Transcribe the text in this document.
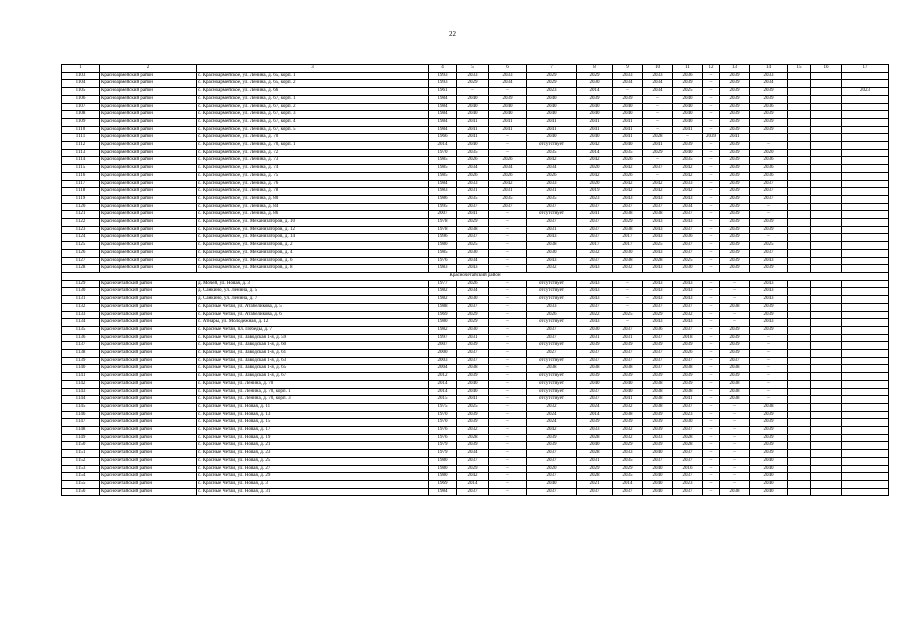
22
1	2	3	4	5	6	7	8	9	10	11	12	13	14	15	16	17
1103	Красноармейский район	с. Красноармейское, ул. Ленина, д. 65, корп. 1	1993	2033	2033	2029	2029	2033	2033	2036	–	2039	2033			
1104	Красноармейский район	с. Красноармейское, ул. Ленина, д. 65, корп. 2	1993	2029	2034	2029	2030	2034	2034	2039	–	2039	2034			
1105	Красноармейский район	с. Красноармейское, ул. Ленина, д. 66	1961	–	–	2023	2014	–	2034	2025	–	2039	2039			2023
1106	Красноармейский район	с. Красноармейское, ул. Ленина, д. 67, корп. 1	1984	2040	2039	2040	2039	2039	–	2040	–	2039	2039			
1107	Красноармейский район	с. Красноармейское, ул. Ленина, д. 67, корп. 2	1984	2040	2040	2040	2040	2040	–	2040	–	2039	2036			
1108	Красноармейский район	с. Красноармейское, ул. Ленина, д. 67, корп. 3	1984	2040	2040	2040	2040	2040	–	2040	–	2039	2039			
1109	Красноармейский район	с. Красноармейское, ул. Ленина, д. 67, корп. 4	1984	2041	2041	2041	2041	2041	–	2040	–	2039	2039			
1110	Красноармейский район	с. Красноармейское, ул. Ленина, д. 67, корп. 5	1984	2041	2041	2041	2041	2041	–	2041	–	2039	2039			
1111	Красноармейский район	с. Красноармейское, ул. Ленина, д. 70	1966	2041	–	2040	2040	2041	2028	–	2039	2041				
1112	Красноармейский район	с. Красноармейское, ул. Ленина, д. 70, корп. 1	2014	2040	–	отсутствует	2042	2040	2041	2039	–	2039	–			
1113	Красноармейский район	с. Красноармейское, ул. Ленина, д. 72	1970	2035	–	2035	2014	2035	2029	2040	–	2039	2020			
1114	Красноармейский район	с. Красноармейское, ул. Ленина, д. 73	1985	2026	2026	2042	2042	2026	–	2035	–	2039	2036			
1115	Красноармейский район	с. Красноармейское, ул. Ленина, д. 74	1985	2034	2034	2034	2020	2042	2037	2042	–	2039	2036			
1116	Красноармейский район	с. Красноармейское, ул. Ленина, д. 75	1985	2026	2026	2026	2042	2026	–	2042	–	2039	2036			
1117	Красноармейский район	с. Красноармейское, ул. Ленина, д. 76	1984	2033	2042	2033	2020	2042	2042	2033	–	2039	2037			
1118	Красноармейский район	с. Красноармейское, ул. Ленина, д. 78	1983	2031	2031	2031	2019	2042	2042	2042	–	2039	2037			
1119	Красноармейский район	с. Красноармейское, ул. Ленина, д. 80	1986	2035	2035	2035	2023	2043	2043	2043	–	2039	2037			
1120	Красноармейский район	с. Красноармейское, ул. Ленина, д. 84	1995	2037	2037	2037	2037	2037	2037	2034	–	2039	–			
1121	Красноармейский район	с. Красноармейское, ул. Ленина, д. 86	2007	2041	–	отсутствует	2041	2038	2038	2037	–	2039	–			
1122	Красноармейский район	с. Красноармейское, ул. Механизаторов, д. 10	1978	2029	–	2037	2037	2029	2043	2043	–	2039	2039			
1123	Красноармейский район	с. Красноармейское, ул. Механизаторов, д. 12	1978	2038	–	2031	2037	2038	2043	2037	–	2039	2039			
1124	Красноармейский район	с. Красноармейское, ул. Механизаторов, д. 14	1996	2037	–	2043	2037	2017	2043	2036	–	2039	–			
1125	Красноармейский район	с. Красноармейское, ул. Механизаторов, д. 2	1980	2025	–	2038	2017	2017	2025	2037	–	2039	2025			
1126	Красноармейский район	с. Красноармейское, ул. Механизаторов, д. 4	1985	2030	–	2030	2032	2030	2043	2037	–	2039	2037			
1127	Красноармейский район	с. Красноармейское, ул. Механизаторов, д. 6	1976	2034	–	2043	2037	2038	2028	2025	–	2039	2043			
1128	Красноармейский район	с. Красноармейское, ул. Механизаторов, д. 8	1983	2043	–	2032	2043	2032	2043	2030	–	2039	2039			
Красночетайский район																
1129	Красночетайский район	д. Мочей, ул. Новая, д. 3	1977	2026	–	отсутствует	2043	–	2043	2043	–	–	2043			
1130	Красночетайский район	д. Санкино, ул. Ленина, д. 5	1982	2034	–	отсутствует	2043	–	2043	2043	–	–	2043			
1131	Красночетайский район	д. Санкино, ул. Ленина, д. 7	1982	2030	–	отсутствует	2043	–	2043	2043	–	–	2043			
1132	Красночетайский район	с. Красные Четаи, ул. Атабеликова, д. 5	1988	2037	–	2033	2037	–	2037	2037	–	2038	2039			
1133	Красночетайский район	с. Красные Четаи, ул. Атабеликова, д. 6	1969	2029	–	2026	2022	2025	2029	2032	–	–	2039			
1134	Красночетайский район	с. Атнары, ул. Молодежная, д. 12	1980	2029	–	отсутствует	2043	–	2043	2043	–	–	2043			
1135	Красночетайский район	с. Красные Четаи, пл. Победы, д. 7	1982	2030	–	2037	2030	2037	2036	2037	–	2039	2039			
1136	Красночетайский район	с. Красные Четаи, ул. Заводская 1-я, д. 59	1997	2031	–	2037	2031	2031	2037	2018	–	2039	–			
1137	Красночетайский район	с. Красные Четаи, ул. Заводская 1-я, д. 60	2007	2039	–	отсутствует	2039	2039	2039	2039	–	2039	–			
1138	Красночетайский район	с. Красные Четаи, ул. Заводская 1-я, д. 61	2000	2037	–	2027	2037	2037	2037	2026	–	2039	–			
1139	Красночетайский район	с. Красные Четаи, ул. Заводская 1-я, д. 63	2003	2037	–	отсутствует	2037	2037	2037	2037	–	2037	–			
1140	Красночетайский район	с. Красные Четаи, ул. Заводская 1-я, д. 65	2004	2038	–	2038	2038	2038	2037	2038	–	2038	–			
1141	Красночетайский район	с. Красные Четаи, ул. Заводская 1-я, д. 67	2012	2039	–	отсутствует	2039	2039	2039	2039	–	2039	–			
1142	Красночетайский район	с. Красные Четаи, ул. Ленина, д. 70	2014	2040	–	отсутствует	2040	2040	2038	2039	–	2038	–			
1143	Красночетайский район	с. Красные Четаи, ул. Ленина, д. 70, корп. 1	2014	2040	–	отсутствует	2037	2040	2038	2038	–	2038	–			
1144	Красночетайский район	с. Красные Четаи, ул. Ленина, д. 70, корп. 3	2015	2041	–	отсутствует	2037	2041	2038	2041	–	2038	–			
1145	Красночетайский район	с. Красные Четаи, ул. Новая, д. 11	1975	2025	–	2032	2024	2032	2038	2037	–	–	2038			
1146	Красночетайский район	с. Красные Четаи, ул. Новая, д. 13	1970	2039	–	2024	2014	2038	2039	2023	–	–	2039			
1147	Красночетайский район	с. Красные Четаи, ул. Новая, д. 15	1970	2039	–	2024	2039	2039	2039	2030	–	–	2039			
1148	Красночетайский район	с. Красные Четаи, ул. Новая, д. 17	1976	2032	–	2042	2033	2032	2039	2037	–	–	2039			
1149	Красночетайский район	с. Красные Четаи, ул. Новая, д. 19	1976	2028	–	2039	2028	2032	2033	2028	–	–	2039			
1150	Красночетайский район	с. Красные Четаи, ул. Новая, д. 21	1979	2039	–	2039	2040	2029	2039	2028	–	–	2039			
1151	Красночетайский район	с. Красные Четаи, ул. Новая, д. 23	1979	2034	–	2037	2028	2033	2040	2037	–	–	2039			
1152	Красночетайский район	с. Красные Четаи, ул. Новая, д. 25	1980	2037	–	2037	2031	2035	2037	2037	–	–	2040			
1153	Красночетайский район	с. Красные Четаи, ул. Новая, д. 27	1980	2029	–	2020	2029	2029	2040	2016	–	–	2040			
1154	Красночетайский район	с. Красные Четаи, ул. Новая, д. 29	1980	2042	–	2037	2028	2035	2040	2037	–	–	2040			
1155	Красночетайский район	с. Красные Четаи, ул. Новая, д. 3	1969	2014	–	2040	2021	2014	2040	2023	–	–	2040			
1156	Красночетайский район	с. Красные Четаи, ул. Новая, д. 31	1984	2037	–	2037	2037	2037	2040	2037	–	2038	2040			
